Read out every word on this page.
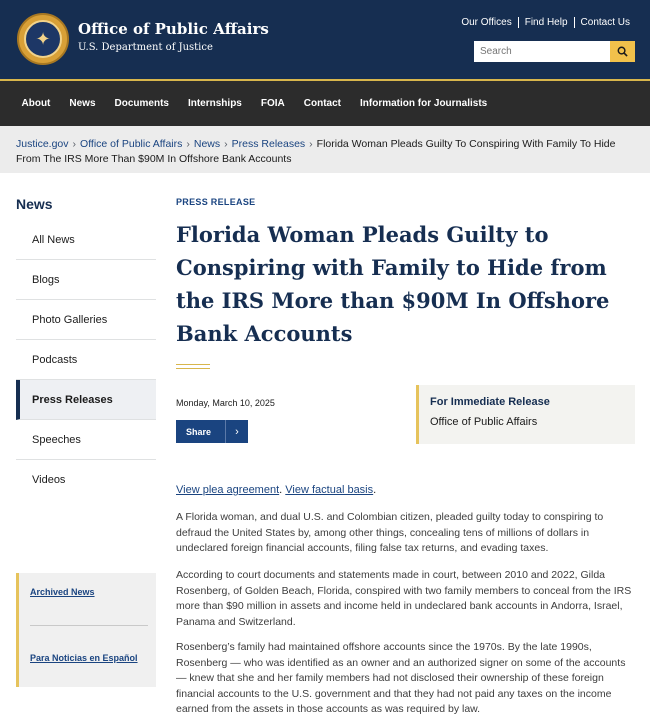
✦	Office of Public Affairs
U.S. Department of Justice
Our Offices	Find Help	Contact Us
Search
About	News	Documents	Internships	FOIA	Contact	Information for Journalists
Justice.gov › Office of Public Affairs › News › Press Releases › Florida Woman Pleads Guilty To Conspiring With Family To Hide From The IRS More Than $90M In Offshore Bank Accounts
News
All News
Blogs
Photo Galleries
Podcasts
Press Releases
Speeches
Videos
Archived News
Para Noticias en Español
PRESS RELEASE
Florida Woman Pleads Guilty to Conspiring with Family to Hide from the IRS More than $90M In Offshore Bank Accounts
Monday, March 10, 2025
Share	›
For Immediate Release
Office of Public Affairs
View plea agreement. View factual basis.

A Florida woman, and dual U.S. and Colombian citizen, pleaded guilty today to conspiring to defraud the United States by, among other things, concealing tens of millions of dollars in undeclared foreign financial accounts, filing false tax returns, and evading taxes.

According to court documents and statements made in court, between 2010 and 2022, Gilda Rosenberg, of Golden Beach, Florida, conspired with two family members to conceal from the IRS more than $90 million in assets and income held in undeclared bank accounts in Andorra, Israel, Panama and Switzerland.

Rosenberg’s family had maintained offshore accounts since the 1970s. By the late 1990s, Rosenberg — who was identified as an owner and an authorized signer on some of the accounts — knew that she and her family members had not disclosed their ownership of these foreign financial accounts to the U.S. government and that they had not paid any taxes on the income earned from the assets in those accounts as was required by law.
